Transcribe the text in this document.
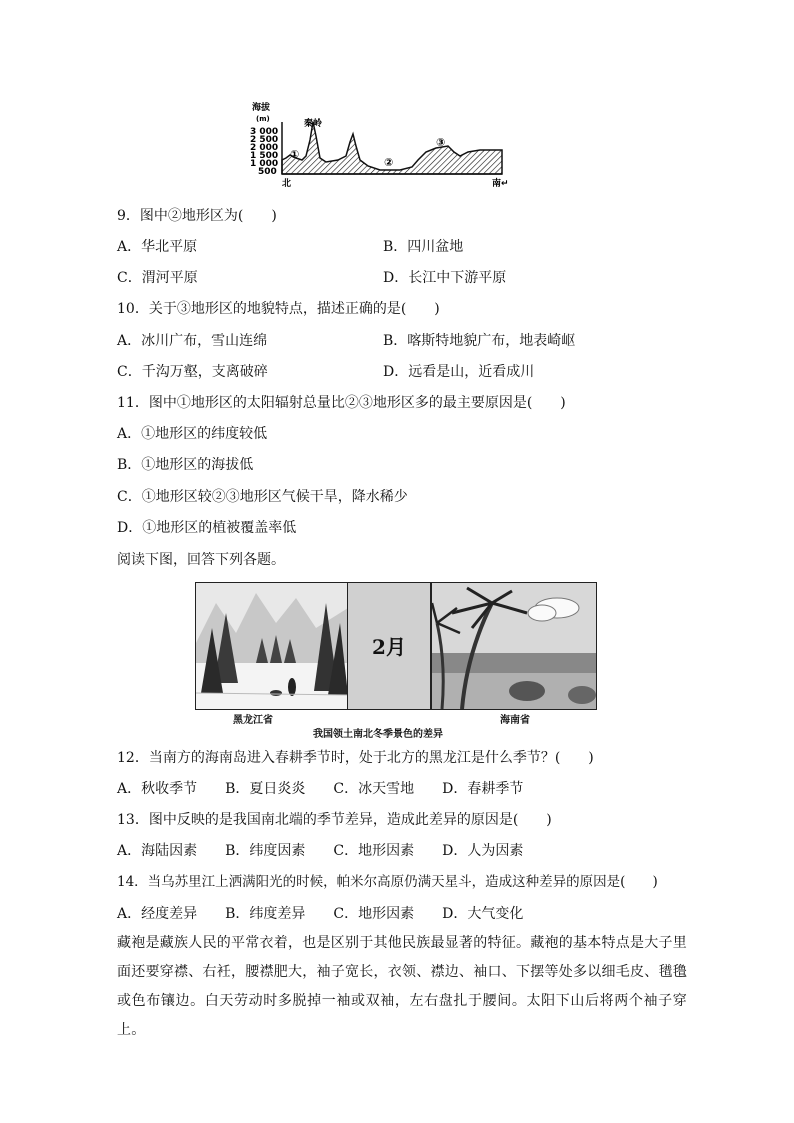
海拔
(m)
3 000
2 500
2 000
1 500
1 000
500
秦岭
①
②
③
北	南↵
9．图中②地形区为(　　)
A．华北平原	B．四川盆地
C．渭河平原	D．长江中下游平原
10．关于③地形区的地貌特点，描述正确的是(　　)
A．冰川广布，雪山连绵	B．喀斯特地貌广布，地表崎岖
C．千沟万壑，支离破碎	D．远看是山，近看成川
11．图中①地形区的太阳辐射总量比②③地形区多的最主要原因是(　　)
A．①地形区的纬度较低
B．①地形区的海拔低
C．①地形区较②③地形区气候干旱，降水稀少
D．①地形区的植被覆盖率低
阅读下图，回答下列各题。
2月
黑龙江省	海南省
我国领土南北冬季景色的差异
12．当南方的海南岛进入春耕季节时，处于北方的黑龙江是什么季节？(　　)
A．秋收季节　　B．夏日炎炎　　C．冰天雪地　　D．春耕季节
13．图中反映的是我国南北端的季节差异，造成此差异的原因是(　　)
A．海陆因素　　B．纬度因素　　C．地形因素　　D．人为因素
14．当乌苏里江上洒满阳光的时候，帕米尔高原仍满天星斗，造成这种差异的原因是(　　)
A．经度差异　　B．纬度差异　　C．地形因素　　D．大气变化
藏袍是藏族人民的平常衣着，也是区别于其他民族最显著的特征。藏袍的基本特点是大子里面还要穿襟、右衽，腰襟肥大，袖子宽长，衣领、襟边、袖口、下摆等处多以细毛皮、氆氇或色布镶边。白天劳动时多脱掉一袖或双袖，左右盘扎于腰间。太阳下山后将两个袖子穿上。
